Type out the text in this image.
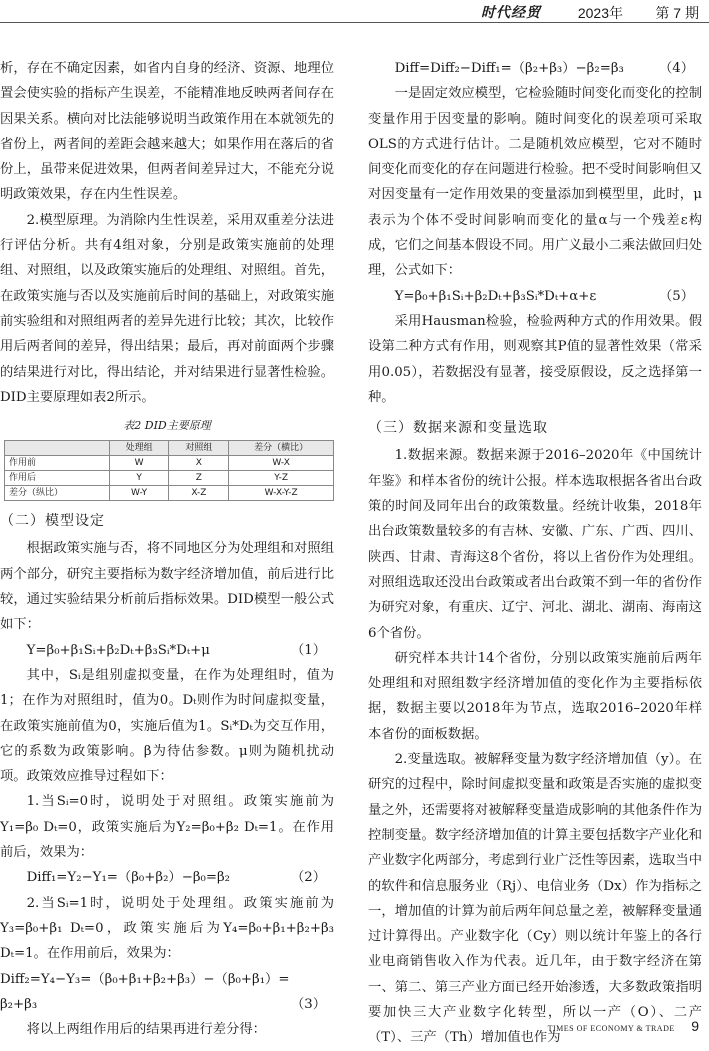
时代经贸	2023年 第 7 期

析，存在不确定因素，如省内自身的经济、资源、地理位置会使实验的指标产生误差，不能精准地反映两者间存在因果关系。横向对比法能够说明当政策作用在本就领先的省份上，两者间的差距会越来越大；如果作用在落后的省份上，虽带来促进效果，但两者间差异过大，不能充分说明政策效果，存在内生性误差。

2.模型原理。为消除内生性误差，采用双重差分法进行评估分析。共有4组对象，分别是政策实施前的处理组、对照组，以及政策实施后的处理组、对照组。首先，在政策实施与否以及实施前后时间的基础上，对政策实施前实验组和对照组两者的差异先进行比较；其次，比较作用后两者间的差异，得出结果；最后，再对前面两个步骤的结果进行对比，得出结论，并对结果进行显著性检验。DID主要原理如表2所示。

表2 DID主要原理

	处理组	对照组	差分（横比）
作用前	W	X	W-X
作用后	Y	Z	Y-Z
差分（纵比）	W-Y	X-Z	W-X-Y-Z

（二）模型设定

根据政策实施与否，将不同地区分为处理组和对照组两个部分，研究主要指标为数字经济增加值，前后进行比较，通过实验结果分析前后指标效果。DID模型一般公式如下：

Y=β₀+β₁Sᵢ+β₂Dₜ+β₃Sᵢ*Dₜ+μ	（1）

其中，Sᵢ是组别虚拟变量，在作为处理组时，值为1；在作为对照组时，值为0。Dₜ则作为时间虚拟变量，在政策实施前值为0，实施后值为1。Sᵢ*Dₜ为交互作用，它的系数为政策影响。β为待估参数。μ则为随机扰动项。政策效应推导过程如下：

1.当Sᵢ=0时，说明处于对照组。政策实施前为Y₁=β₀ Dₜ=0，政策实施后为Y₂=β₀+β₂ Dₜ=1。在作用前后，效果为：

Diff₁=Y₂−Y₁=（β₀+β₂）−β₀=β₂	（2）

2.当Sᵢ=1时，说明处于处理组。政策实施前为Y₃=β₀+β₁ Dₜ=0，政策实施后为Y₄=β₀+β₁+β₂+β₃ Dₜ=1。在作用前后，效果为：

Diff₂=Y₄−Y₃=（β₀+β₁+β₂+β₃）−（β₀+β₁）=

β₂+β₃	（3）

将以上两组作用后的结果再进行差分得：

Diff=Diff₂−Diff₁=（β₂+β₃）−β₂=β₃	（4）

一是固定效应模型，它检验随时间变化而变化的控制变量作用于因变量的影响。随时间变化的误差项可采取OLS的方式进行估计。二是随机效应模型，它对不随时间变化而变化的存在问题进行检验。把不受时间影响但又对因变量有一定作用效果的变量添加到模型里，此时，μ表示为个体不受时间影响而变化的量α与一个残差ε构成，它们之间基本假设不同。用广义最小二乘法做回归处理，公式如下：

Y=β₀+β₁Sᵢ+β₂Dₜ+β₃Sᵢ*Dₜ+α+ε	（5）

采用Hausman检验，检验两种方式的作用效果。假设第二种方式有作用，则观察其P值的显著性效果（常采用0.05），若数据没有显著，接受原假设，反之选择第一种。

（三）数据来源和变量选取

1.数据来源。数据来源于2016–2020年《中国统计年鉴》和样本省份的统计公报。样本选取根据各省出台政策的时间及同年出台的政策数量。经统计收集，2018年出台政策数量较多的有吉林、安徽、广东、广西、四川、陕西、甘肃、青海这8个省份，将以上省份作为处理组。对照组选取还没出台政策或者出台政策不到一年的省份作为研究对象，有重庆、辽宁、河北、湖北、湖南、海南这6个省份。

研究样本共计14个省份，分别以政策实施前后两年处理组和对照组数字经济增加值的变化作为主要指标依据，数据主要以2018年为节点，选取2016–2020年样本省份的面板数据。

2.变量选取。被解释变量为数字经济增加值（y）。在研究的过程中，除时间虚拟变量和政策是否实施的虚拟变量之外，还需要将对被解释变量造成影响的其他条件作为控制变量。数字经济增加值的计算主要包括数字产业化和产业数字化两部分，考虑到行业广泛性等因素，选取当中的软件和信息服务业（Rj）、电信业务（Dx）作为指标之一，增加值的计算为前后两年间总量之差，被解释变量通过计算得出。产业数字化（Cy）则以统计年鉴上的各行业电商销售收入作为代表。近几年，由于数字经济在第一、第二、第三产业方面已经开始渗透，大多数政策指明要加快三大产业数字化转型，所以一产（O）、二产（T）、三产（Th）增加值也作为

TIMES OF ECONOMY & TRADE 9
